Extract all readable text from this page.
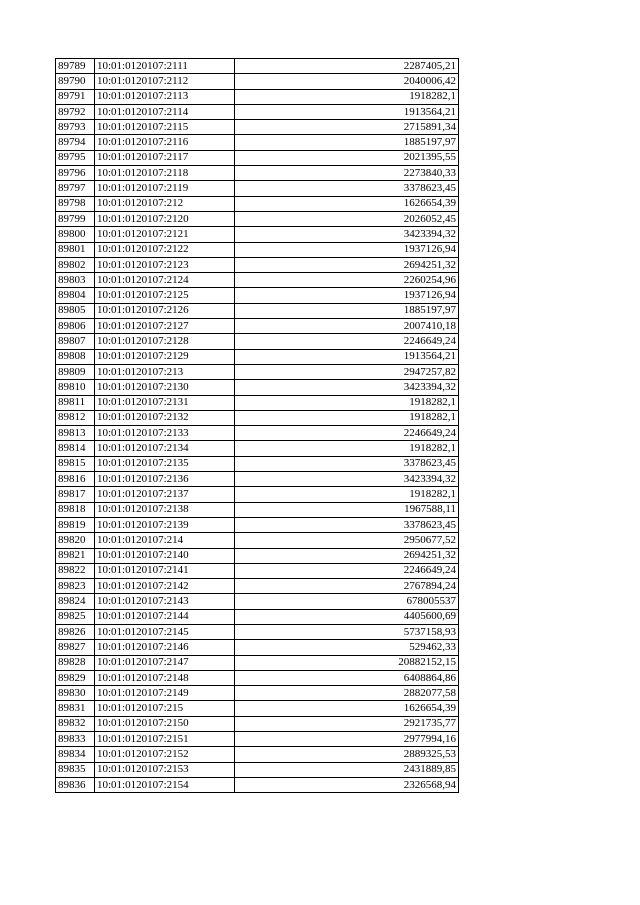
89789	10:01:0120107:2111	2287405,21
89790	10:01:0120107:2112	2040006,42
89791	10:01:0120107:2113	1918282,1
89792	10:01:0120107:2114	1913564,21
89793	10:01:0120107:2115	2715891,34
89794	10:01:0120107:2116	1885197,97
89795	10:01:0120107:2117	2021395,55
89796	10:01:0120107:2118	2273840,33
89797	10:01:0120107:2119	3378623,45
89798	10:01:0120107:212	1626654,39
89799	10:01:0120107:2120	2026052,45
89800	10:01:0120107:2121	3423394,32
89801	10:01:0120107:2122	1937126,94
89802	10:01:0120107:2123	2694251,32
89803	10:01:0120107:2124	2260254,96
89804	10:01:0120107:2125	1937126,94
89805	10:01:0120107:2126	1885197,97
89806	10:01:0120107:2127	2007410,18
89807	10:01:0120107:2128	2246649,24
89808	10:01:0120107:2129	1913564,21
89809	10:01:0120107:213	2947257,82
89810	10:01:0120107:2130	3423394,32
89811	10:01:0120107:2131	1918282,1
89812	10:01:0120107:2132	1918282,1
89813	10:01:0120107:2133	2246649,24
89814	10:01:0120107:2134	1918282,1
89815	10:01:0120107:2135	3378623,45
89816	10:01:0120107:2136	3423394,32
89817	10:01:0120107:2137	1918282,1
89818	10:01:0120107:2138	1967588,11
89819	10:01:0120107:2139	3378623,45
89820	10:01:0120107:214	2950677,52
89821	10:01:0120107:2140	2694251,32
89822	10:01:0120107:2141	2246649,24
89823	10:01:0120107:2142	2767894,24
89824	10:01:0120107:2143	678005537
89825	10:01:0120107:2144	4405600,69
89826	10:01:0120107:2145	5737158,93
89827	10:01:0120107:2146	529462,33
89828	10:01:0120107:2147	20882152,15
89829	10:01:0120107:2148	6408864,86
89830	10:01:0120107:2149	2882077,58
89831	10:01:0120107:215	1626654,39
89832	10:01:0120107:2150	2921735,77
89833	10:01:0120107:2151	2977994,16
89834	10:01:0120107:2152	2889325,53
89835	10:01:0120107:2153	2431889,85
89836	10:01:0120107:2154	2326568,94
